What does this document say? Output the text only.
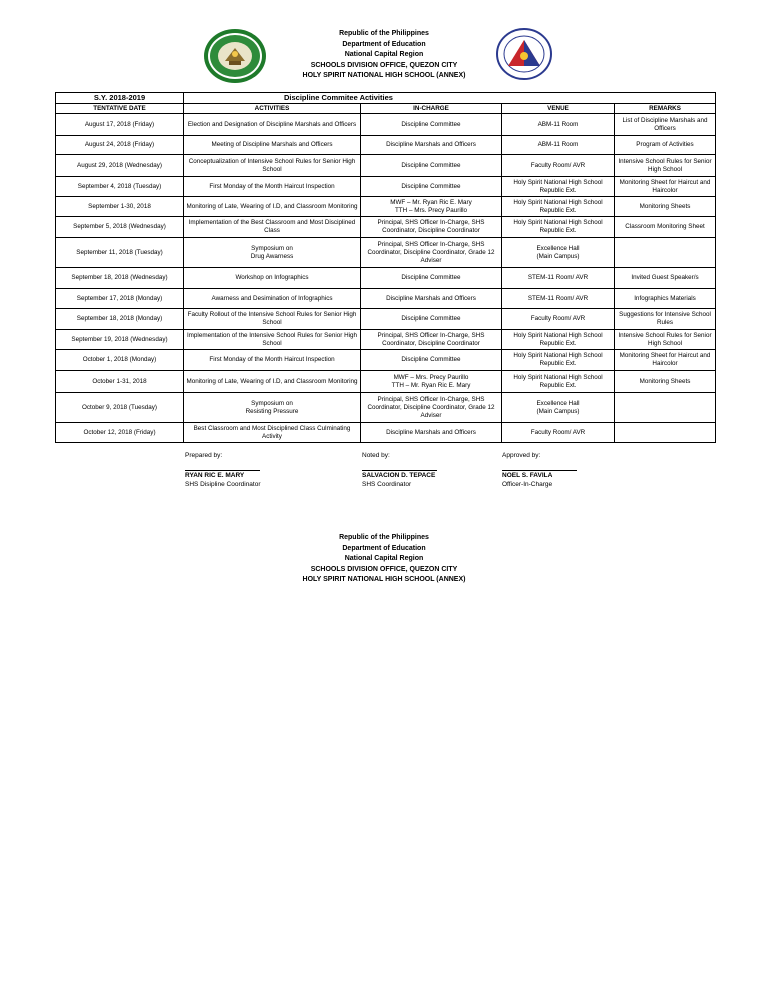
Republic of the Philippines
Department of Education
National Capital Region
SCHOOLS DIVISION OFFICE, QUEZON CITY
HOLY SPIRIT NATIONAL HIGH SCHOOL (ANNEX)
S.Y. 2018-2019	Discipline Commitee Activities			
TENTATIVE DATE	ACTIVITIES	IN-CHARGE	VENUE	REMARKS
August 17, 2018 (Friday)	Election and Designation of Discipline Marshals and Officers	Discipline Committee	ABM-11 Room	List of Discipline Marshals and Officers
August 24, 2018 (Friday)	Meeting of Discipline Marshals and Officers	Discipline Marshals and Officers	ABM-11 Room	Program of Activities
August 29, 2018 (Wednesday)	Conceptualization of Intensive School Rules for Senior High School	Discipline Committee	Faculty Room/ AVR	Intensive School Rules for Senior High School
September 4, 2018 (Tuesday)	First Monday of the Month Haircut Inspection	Discipline Committee	Holy Spirit National High School Republic Ext.	Monitoring Sheet for Haircut and Haircolor
September 1-30, 2018	Monitoring of Late, Wearing of I.D, and Classroom Monitoring	MWF – Mr. Ryan Ric E. Mary
TTH – Mrs. Precy Paurillo	Holy Spirit National High School Republic Ext.	Monitoring Sheets
September 5, 2018 (Wednesday)	Implementation of the Best Classroom and Most Disciplined Class	Principal, SHS Officer In-Charge, SHS Coordinator, Discipline Coordinator	Holy Spirit National High School Republic Ext.	Classroom Monitoring Sheet
September 11, 2018 (Tuesday)	Symposium on
Drug Awarness	Principal, SHS Officer In-Charge, SHS Coordinator, Discipline Coordinator, Grade 12 Adviser	Excellence Hall
(Main Campus)	
September 18, 2018 (Wednesday)	Workshop on Infographics	Discipline Committee	STEM-11 Room/ AVR	Invited Guest Speaker/s
September 17, 2018 (Monday)	Awarness and Desimination of Infographics	Discipline Marshals and Officers	STEM-11 Room/ AVR	Infographics Materials
September 18, 2018 (Monday)	Faculty Rollout of the Intensive School Rules for Senior High School	Discipline Committee	Faculty Room/ AVR	Suggestions for Intensive School Rules
September 19, 2018 (Wednesday)	Implementation of the Intensive School Rules for Senior High School	Principal, SHS Officer In-Charge, SHS Coordinator, Discipline Coordinator	Holy Spirit National High School Republic Ext.	Intensive School Rules for Senior High School
October 1, 2018 (Monday)	First Monday of the Month Haircut Inspection	Discipline Committee	Holy Spirit National High School Republic Ext.	Monitoring Sheet for Haircut and Haircolor
October 1-31, 2018	Monitoring of Late, Wearing of I.D, and Classroom Monitoring	MWF – Mrs. Precy Paurillo
TTH – Mr. Ryan Ric E. Mary	Holy Spirit National High School Republic Ext.	Monitoring Sheets
October 9, 2018 (Tuesday)	Symposium on
Resisting Pressure	Principal, SHS Officer In-Charge, SHS Coordinator, Discipline Coordinator, Grade 12 Adviser	Excellence Hall
(Main Campus)	
October 12, 2018 (Friday)	Best Classroom and Most Disciplined Class Culminating Activity	Discipline Marshals and Officers	Faculty Room/ AVR	
Prepared by:
RYAN RIC E. MARY
SHS Disipline Coordinator
Noted by:
SALVACION D. TEPACE
SHS Coordinator
Approved by:
NOEL S. FAVILA
Officer-In-Charge
Republic of the Philippines
Department of Education
National Capital Region
SCHOOLS DIVISION OFFICE, QUEZON CITY
HOLY SPIRIT NATIONAL HIGH SCHOOL (ANNEX)
